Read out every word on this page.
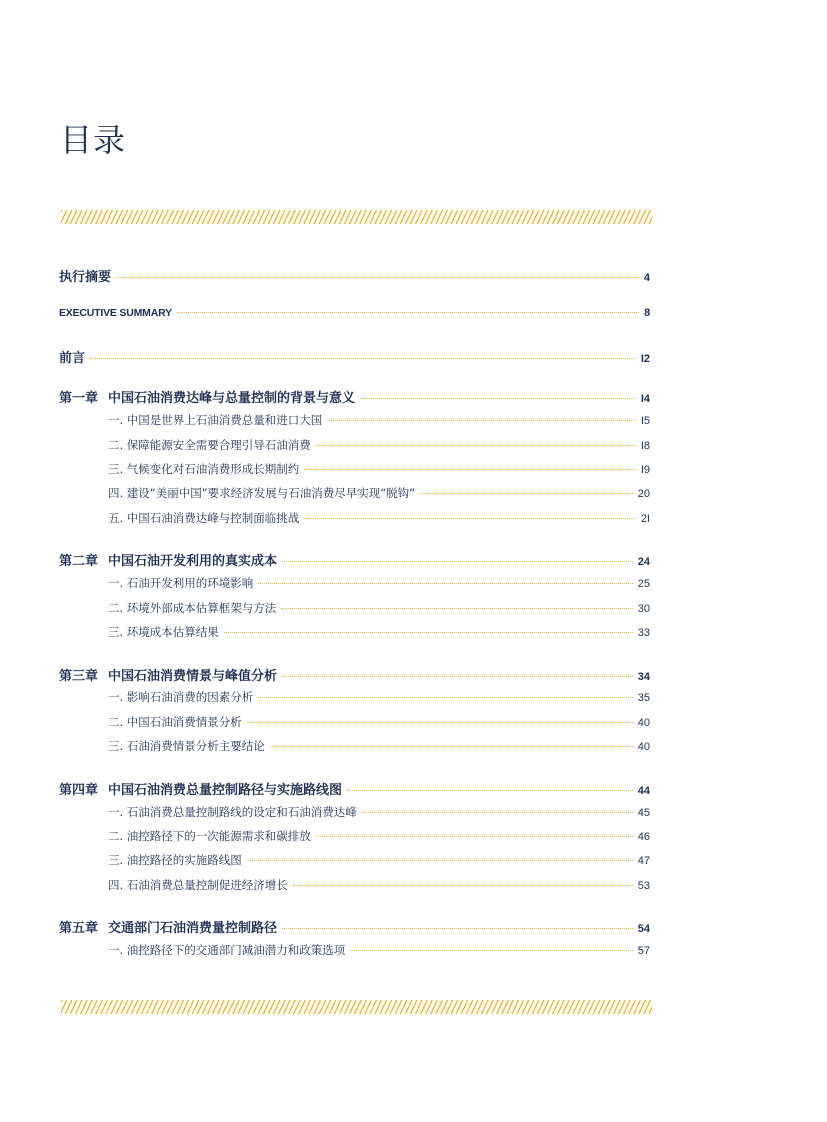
目录
执行摘要	4
EXECUTIVE SUMMARY	8
前言	I2
第一章 中国石油消费达峰与总量控制的背景与意义	I4
一. 中国是世界上石油消费总量和进口大国	I5
二. 保障能源安全需要合理引导石油消费	I8
三. 气候变化对石油消费形成长期制约	I9
四. 建设“美丽中国”要求经济发展与石油消费尽早实现“脱钩”	20
五. 中国石油消费达峰与控制面临挑战	2I
第二章 中国石油开发利用的真实成本	24
一. 石油开发利用的环境影响	25
二. 环境外部成本估算框架与方法	30
三. 环境成本估算结果	33
第三章 中国石油消费情景与峰值分析	34
一. 影响石油消费的因素分析	35
二. 中国石油消费情景分析	40
三. 石油消费情景分析主要结论	40
第四章 中国石油消费总量控制路径与实施路线图	44
一. 石油消费总量控制路线的设定和石油消费达峰	45
二. 油控路径下的一次能源需求和碳排放	46
三. 油控路径的实施路线图	47
四. 石油消费总量控制促进经济增长	53
第五章 交通部门石油消费量控制路径	54
一. 油控路径下的交通部门减油潜力和政策选项	57
